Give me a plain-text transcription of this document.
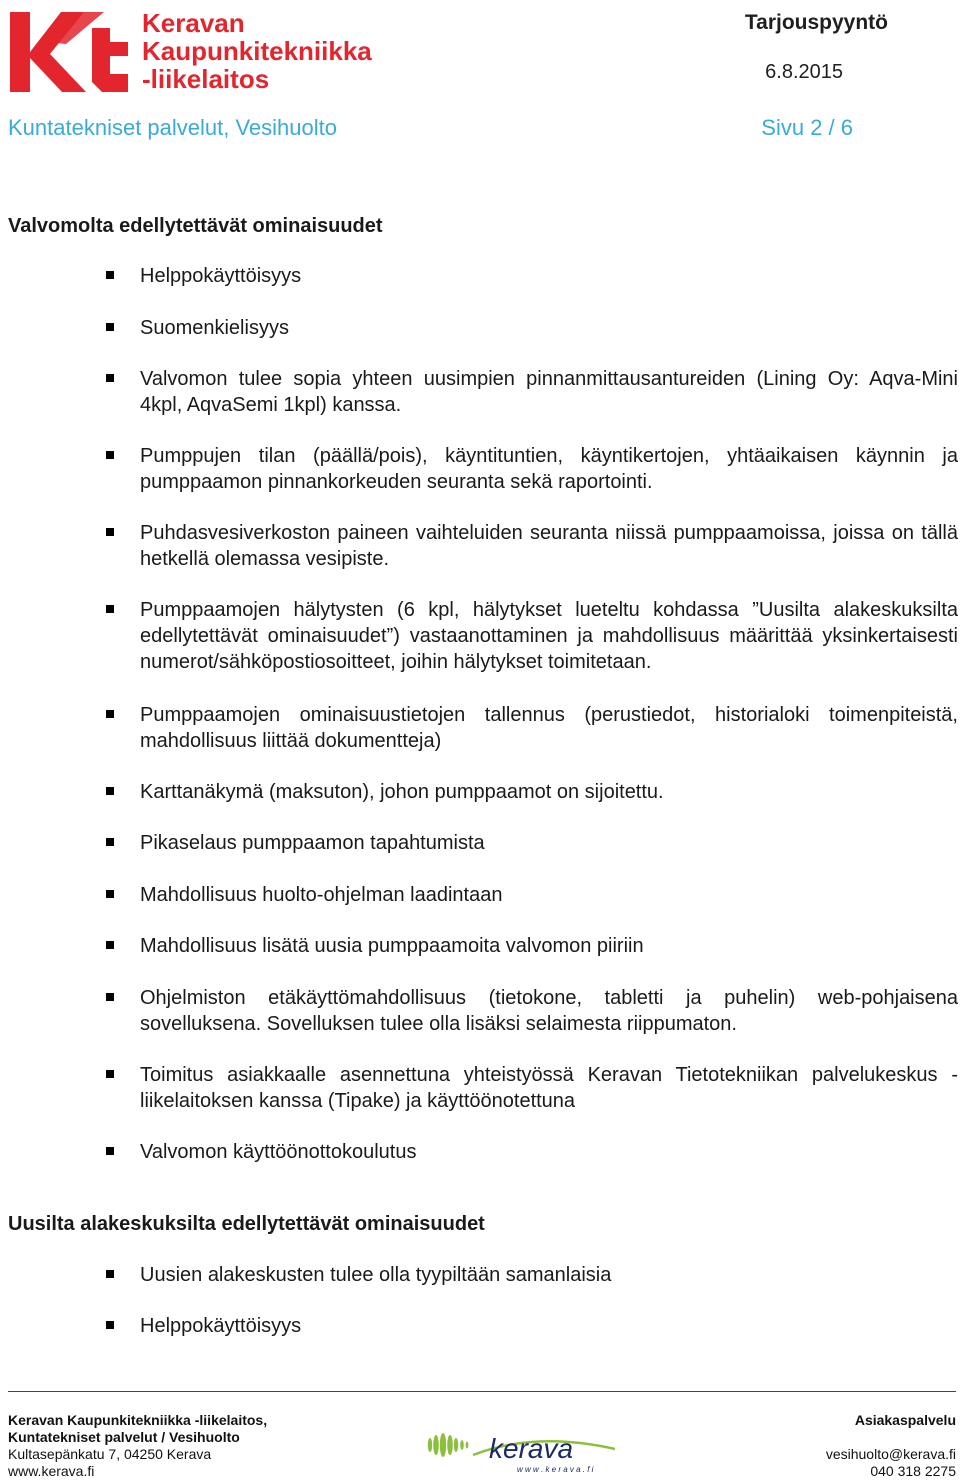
Keravan
Kaupunkitekniikka
-liikelaitos
Tarjouspyyntö
6.8.2015
Kuntatekniset palvelut, Vesihuolto	Sivu 2 / 6
Valvomolta edellytettävät ominaisuudet
Helppokäyttöisyys
Suomenkielisyys
Valvomon tulee sopia yhteen uusimpien pinnanmittausantureiden (Lining Oy: Aqva-Mini 4kpl, AqvaSemi 1kpl) kanssa.
Pumppujen tilan (päällä/pois), käyntituntien, käyntikertojen, yhtäaikaisen käynnin ja pumppaamon pinnankorkeuden seuranta sekä raportointi.
Puhdasvesiverkoston paineen vaihteluiden seuranta niissä pumppaamoissa, joissa on tällä hetkellä olemassa vesipiste.
Pumppaamojen hälytysten (6 kpl, hälytykset lueteltu kohdassa ”Uusilta alakeskuksilta edellytettävät ominaisuudet”) vastaanottaminen ja mahdollisuus määrittää yksinkertaisesti numerot/sähköpostiosoitteet, joihin hälytykset toimitetaan.
Pumppaamojen ominaisuustietojen tallennus (perustiedot, historialoki toimenpiteistä, mahdollisuus liittää dokumentteja)
Karttanäkymä (maksuton), johon pumppaamot on sijoitettu.
Pikaselaus pumppaamon tapahtumista
Mahdollisuus huolto-ohjelman laadintaan
Mahdollisuus lisätä uusia pumppaamoita valvomon piiriin
Ohjelmiston etäkäyttömahdollisuus (tietokone, tabletti ja puhelin) web-pohjaisena sovelluksena. Sovelluksen tulee olla lisäksi selaimesta riippumaton.
Toimitus asiakkaalle asennettuna yhteistyössä Keravan Tietotekniikan palvelukeskus -liikelaitoksen kanssa (Tipake) ja käyttöönotettuna
Valvomon käyttöönottokoulutus
Uusilta alakeskuksilta edellytettävät ominaisuudet
Uusien alakeskusten tulee olla tyypiltään samanlaisia
Helppokäyttöisyys
Keravan Kaupunkitekniikka -liikelaitos,
Kuntatekniset palvelut / Vesihuolto
Kultasepänkatu 7, 04250 Kerava
www.kerava.fi
kerava
w w w . k e r a v a . f i
Asiakaspalvelu

vesihuolto@kerava.fi
040 318 2275
